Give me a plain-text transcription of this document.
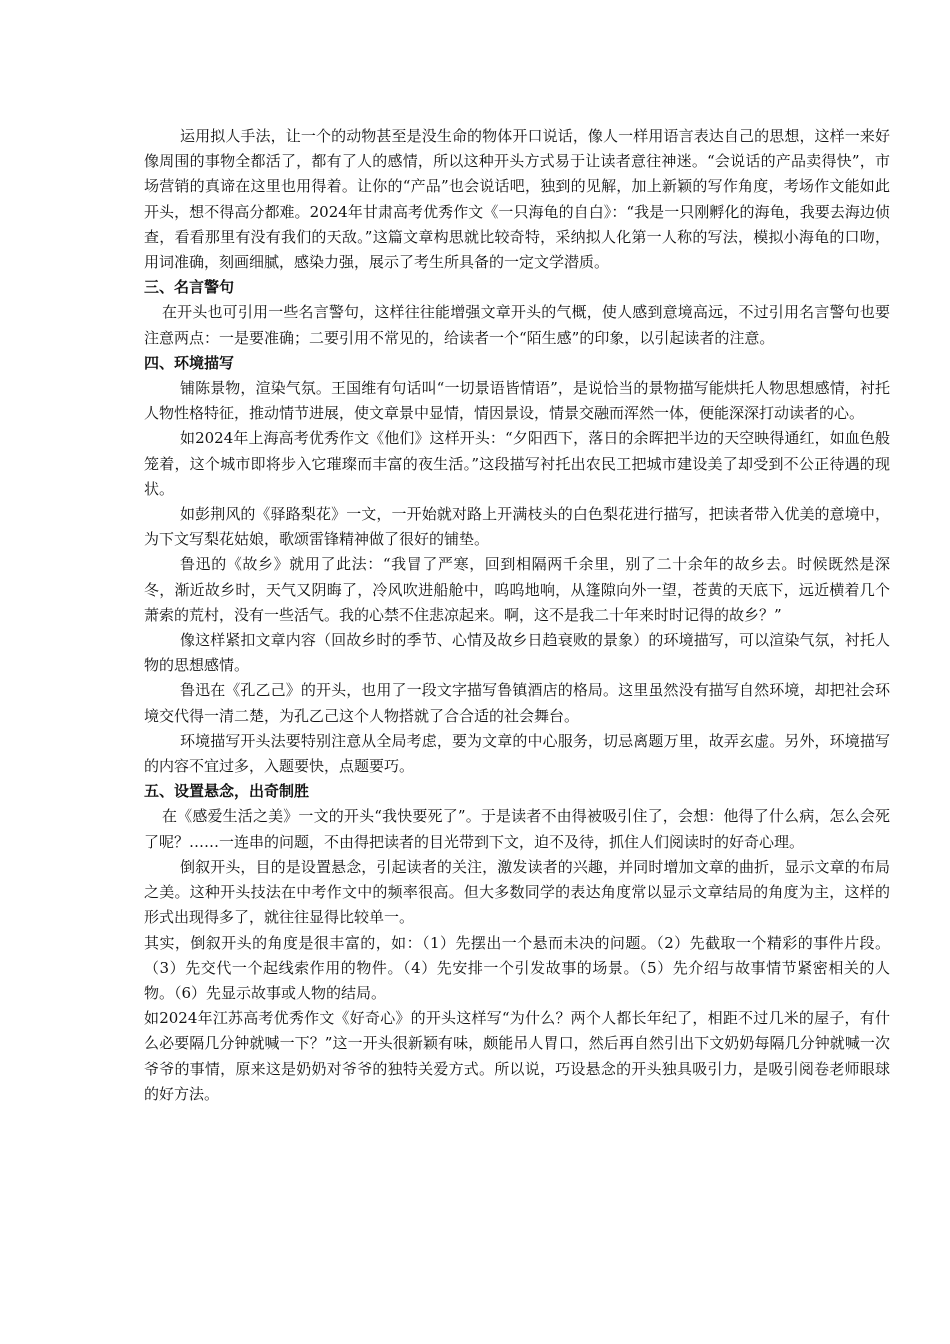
运用拟人手法，让一个的动物甚至是没生命的物体开口说话，像人一样用语言表达自己的思想，这样一来好像周围的事物全都活了，都有了人的感情，所以这种开头方式易于让读者意往神迷。“会说话的产品卖得快”，市场营销的真谛在这里也用得着。让你的“产品”也会说话吧，独到的见解，加上新颖的写作角度，考场作文能如此开头，想不得高分都难。2024年甘肃高考优秀作文《一只海龟的自白》：“我是一只刚孵化的海龟，我要去海边侦查，看看那里有没有我们的天敌。”这篇文章构思就比较奇特，采纳拟人化第一人称的写法，模拟小海龟的口吻，用词准确，刻画细腻，感染力强，展示了考生所具备的一定文学潜质。

三、名言警句

在开头也可引用一些名言警句，这样往往能增强文章开头的气概，使人感到意境高远，不过引用名言警句也要注意两点：一是要准确；二要引用不常见的，给读者一个“陌生感”的印象，以引起读者的注意。

四、环境描写

铺陈景物，渲染气氛。王国维有句话叫“一切景语皆情语”，是说恰当的景物描写能烘托人物思想感情，衬托人物性格特征，推动情节进展，使文章景中显情，情因景设，情景交融而浑然一体，便能深深打动读者的心。

如2024年上海高考优秀作文《他们》这样开头：“夕阳西下，落日的余晖把半边的天空映得通红，如血色般笼着，这个城市即将步入它璀璨而丰富的夜生活。”这段描写衬托出农民工把城市建设美了却受到不公正待遇的现状。

如彭荆风的《驿路梨花》一文，一开始就对路上开满枝头的白色梨花进行描写，把读者带入优美的意境中，为下文写梨花姑娘，歌颂雷锋精神做了很好的铺垫。

鲁迅的《故乡》就用了此法：“我冒了严寒，回到相隔两千余里，别了二十余年的故乡去。时候既然是深冬，渐近故乡时，天气又阴晦了，冷风吹进船舱中，呜呜地响，从篷隙向外一望，苍黄的天底下，远近横着几个萧索的荒村，没有一些活气。我的心禁不住悲凉起来。啊，这不是我二十年来时时记得的故乡？”

像这样紧扣文章内容（回故乡时的季节、心情及故乡日趋衰败的景象）的环境描写，可以渲染气氛，衬托人物的思想感情。

鲁迅在《孔乙己》的开头，也用了一段文字描写鲁镇酒店的格局。这里虽然没有描写自然环境，却把社会环境交代得一清二楚，为孔乙己这个人物搭就了合合适的社会舞台。

环境描写开头法要特别注意从全局考虑，要为文章的中心服务，切忌离题万里，故弄玄虚。另外，环境描写的内容不宜过多，入题要快，点题要巧。

五、设置悬念，出奇制胜

在《感爱生活之美》一文的开头“我快要死了”。于是读者不由得被吸引住了，会想：他得了什么病，怎么会死了呢？……一连串的问题，不由得把读者的目光带到下文，迫不及待，抓住人们阅读时的好奇心理。

倒叙开头，目的是设置悬念，引起读者的关注，激发读者的兴趣，并同时增加文章的曲折，显示文章的布局之美。这种开头技法在中考作文中的频率很高。但大多数同学的表达角度常以显示文章结局的角度为主，这样的形式出现得多了，就往往显得比较单一。

其实，倒叙开头的角度是很丰富的，如：（1）先摆出一个悬而未决的问题。（2）先截取一个精彩的事件片段。（3）先交代一个起线索作用的物件。（4）先安排一个引发故事的场景。（5）先介绍与故事情节紧密相关的人物。（6）先显示故事或人物的结局。

如2024年江苏高考优秀作文《好奇心》的开头这样写“为什么？两个人都长年纪了，相距不过几米的屋子，有什么必要隔几分钟就喊一下？”这一开头很新颖有味，颇能吊人胃口，然后再自然引出下文奶奶每隔几分钟就喊一次爷爷的事情，原来这是奶奶对爷爷的独特关爱方式。所以说，巧设悬念的开头独具吸引力，是吸引阅卷老师眼球的好方法。
